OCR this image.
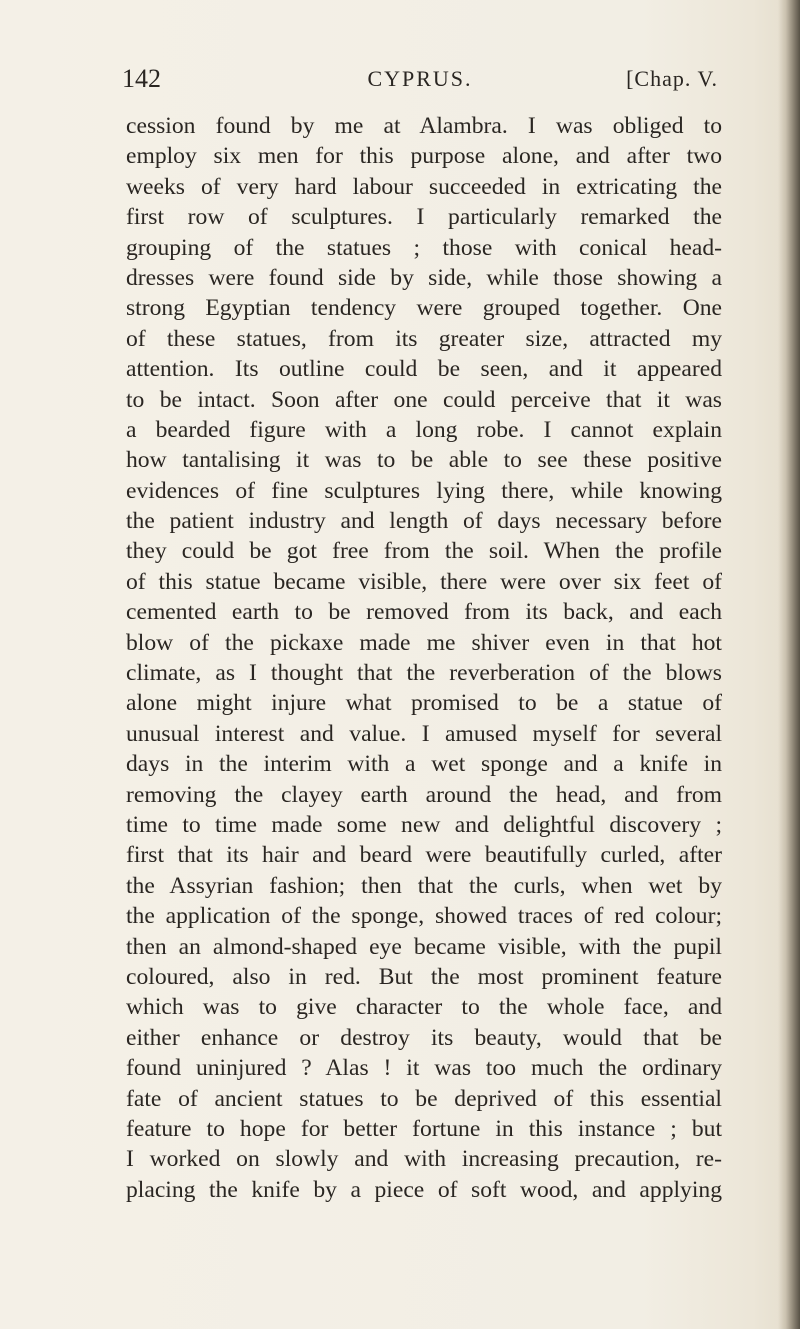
142	CYPRUS.	[Chap. V.
cession found by me at Alambra. I was obliged to
employ six men for this purpose alone, and after two
weeks of very hard labour succeeded in extricating the
first row of sculptures. I particularly remarked the
grouping of the statues ; those with conical head-
dresses were found side by side, while those showing a
strong Egyptian tendency were grouped together. One
of these statues, from its greater size, attracted my
attention. Its outline could be seen, and it appeared
to be intact. Soon after one could perceive that it was
a bearded figure with a long robe. I cannot explain
how tantalising it was to be able to see these positive
evidences of fine sculptures lying there, while knowing
the patient industry and length of days necessary before
they could be got free from the soil. When the profile
of this statue became visible, there were over six feet of
cemented earth to be removed from its back, and each
blow of the pickaxe made me shiver even in that hot
climate, as I thought that the reverberation of the blows
alone might injure what promised to be a statue of
unusual interest and value. I amused myself for several
days in the interim with a wet sponge and a knife in
removing the clayey earth around the head, and from
time to time made some new and delightful discovery ;
first that its hair and beard were beautifully curled, after
the Assyrian fashion; then that the curls, when wet by
the application of the sponge, showed traces of red colour;
then an almond-shaped eye became visible, with the pupil
coloured, also in red. But the most prominent feature
which was to give character to the whole face, and
either enhance or destroy its beauty, would that be
found uninjured ? Alas ! it was too much the ordinary
fate of ancient statues to be deprived of this essential
feature to hope for better fortune in this instance ; but
I worked on slowly and with increasing precaution, re-
placing the knife by a piece of soft wood, and applying
